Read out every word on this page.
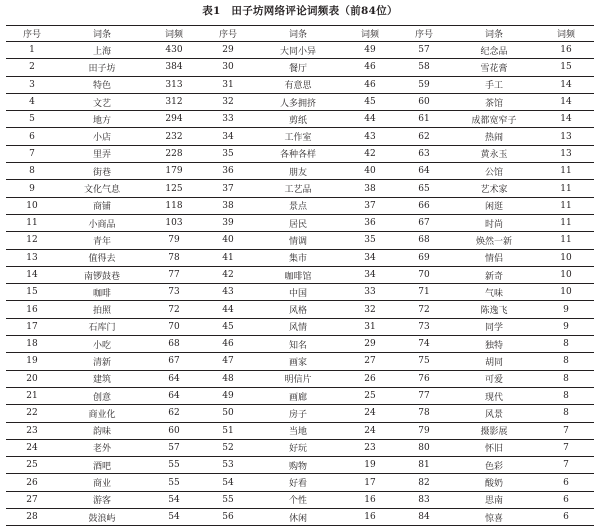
表1　田子坊网络评论词频表（前84位）
序号	词条	词频	序号	词条	词频	序号	词条	词频
1	上海	430	29	大同小异	49	57	纪念品	16
2	田子坊	384	30	餐厅	46	58	雪花膏	15
3	特色	313	31	有意思	46	59	手工	14
4	文艺	312	32	人多拥挤	45	60	茶馆	14
5	地方	294	33	剪纸	44	61	成都宽窄子	14
6	小店	232	34	工作室	43	62	热闹	13
7	里弄	228	35	各种各样	42	63	黄永玉	13
8	街巷	179	36	朋友	40	64	公馆	11
9	文化气息	125	37	工艺品	38	65	艺术家	11
10	商铺	118	38	景点	37	66	闲逛	11
11	小商品	103	39	居民	36	67	时尚	11
12	青年	79	40	情调	35	68	焕然一新	11
13	值得去	78	41	集市	34	69	情侣	10
14	南锣鼓巷	77	42	咖啡馆	34	70	新奇	10
15	咖啡	73	43	中国	33	71	气味	10
16	拍照	72	44	风格	32	72	陈逸飞	9
17	石库门	70	45	风情	31	73	同学	9
18	小吃	68	46	知名	29	74	独特	8
19	清新	67	47	画家	27	75	胡同	8
20	建筑	64	48	明信片	26	76	可爱	8
21	创意	64	49	画廊	25	77	现代	8
22	商业化	62	50	房子	24	78	风景	8
23	韵味	60	51	当地	24	79	摄影展	7
24	老外	57	52	好玩	23	80	怀旧	7
25	酒吧	55	53	购物	19	81	色彩	7
26	商业	55	54	好看	17	82	酸奶	6
27	游客	54	55	个性	16	83	思南	6
28	鼓浪屿	54	56	休闲	16	84	惊喜	6
